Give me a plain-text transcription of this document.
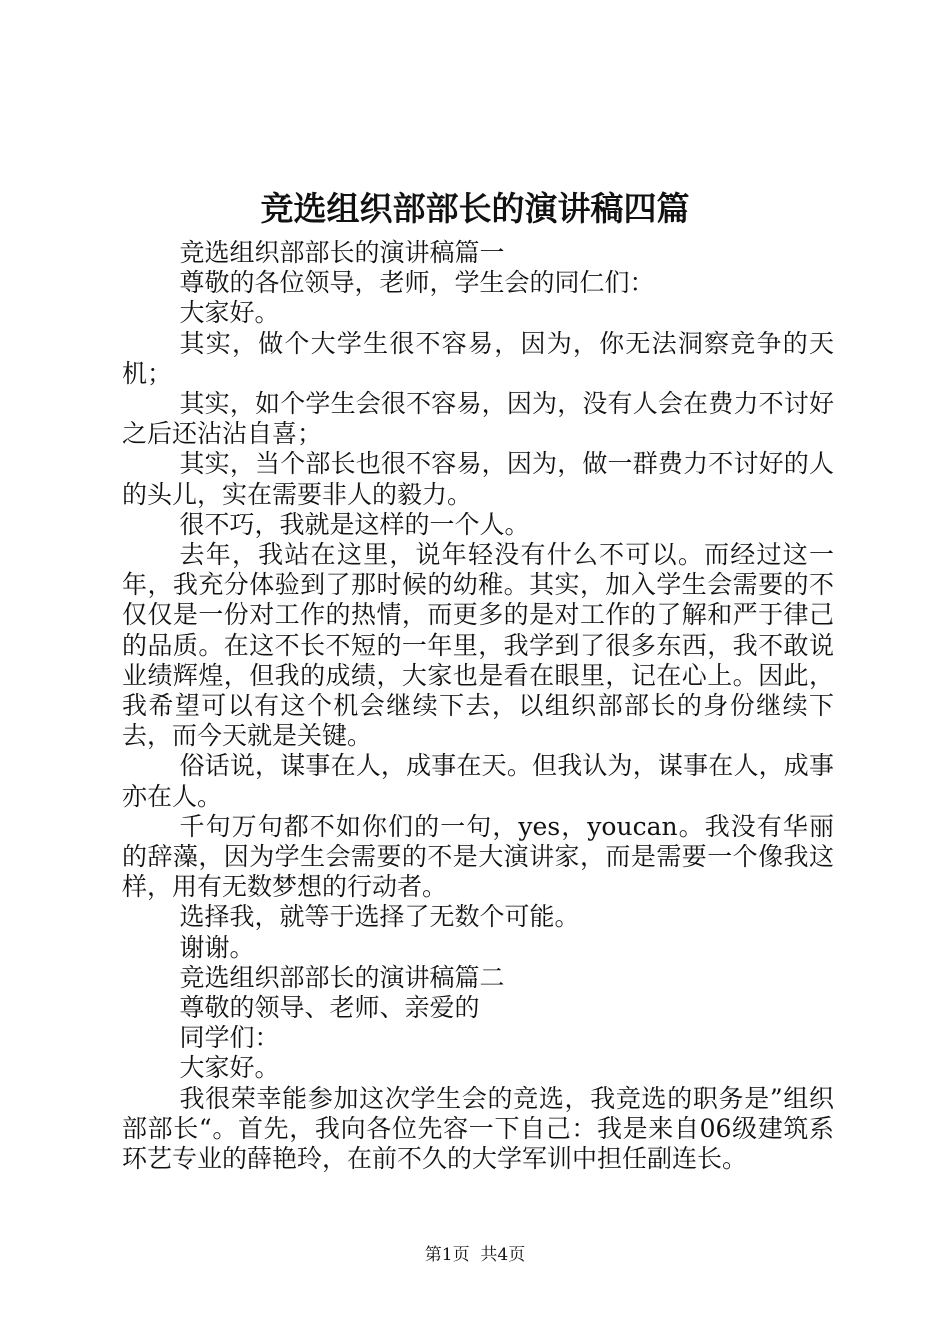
竞选组织部部长的演讲稿四篇

竞选组织部部长的演讲稿篇一

尊敬的各位领导，老师，学生会的同仁们：

大家好。

其实，做个大学生很不容易，因为，你无法洞察竞争的天机；

其实，如个学生会很不容易，因为，没有人会在费力不讨好之后还沾沾自喜；

其实，当个部长也很不容易，因为，做一群费力不讨好的人的头儿，实在需要非人的毅力。

很不巧，我就是这样的一个人。

去年，我站在这里，说年轻没有什么不可以。而经过这一年，我充分体验到了那时候的幼稚。其实，加入学生会需要的不仅仅是一份对工作的热情，而更多的是对工作的了解和严于律己的品质。在这不长不短的一年里，我学到了很多东西，我不敢说业绩辉煌，但我的成绩，大家也是看在眼里，记在心上。因此，我希望可以有这个机会继续下去，以组织部部长的身份继续下去，而今天就是关键。

俗话说，谋事在人，成事在天。但我认为，谋事在人，成事亦在人。

千句万句都不如你们的一句，yes，youcan。我没有华丽的辞藻，因为学生会需要的不是大演讲家，而是需要一个像我这样，用有无数梦想的行动者。

选择我，就等于选择了无数个可能。

谢谢。

竞选组织部部长的演讲稿篇二

尊敬的领导、老师、亲爱的

同学们：

大家好。

我很荣幸能参加这次学生会的竞选，我竞选的职务是”组织部部长“。首先，我向各位先容一下自己：我是来自06级建筑系环艺专业的薛艳玲，在前不久的大学军训中担任副连长。

第1页  共4页
